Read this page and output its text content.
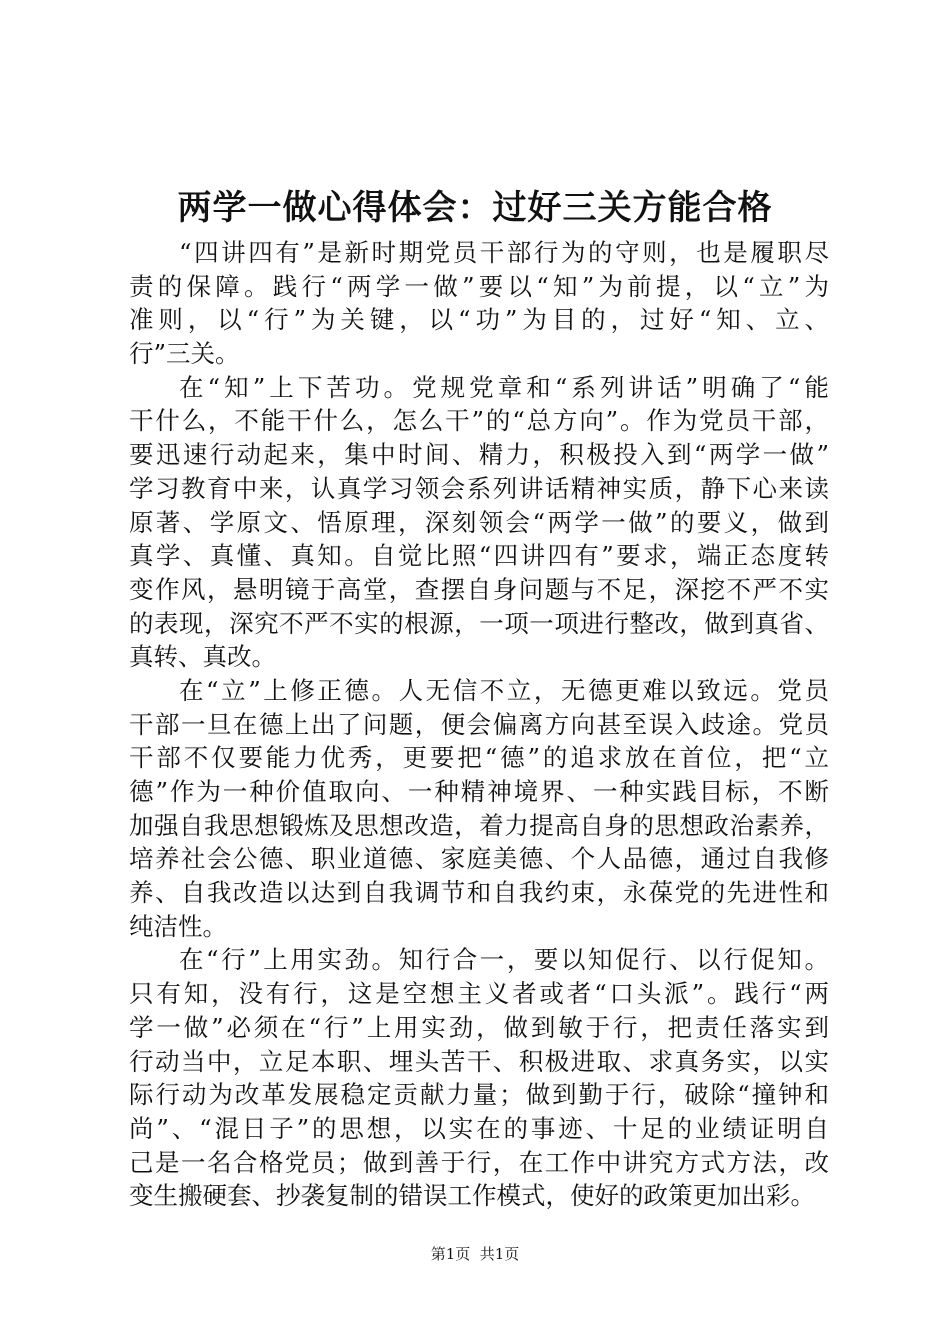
两学一做心得体会：过好三关方能合格
“四讲四有”是新时期党员干部行为的守则，也是履职尽
责的保障。践行“两学一做”要以“知”为前提，以“立”为
准则，以“行”为关键，以“功”为目的，过好“知、立、
行”三关。
在“知”上下苦功。党规党章和“系列讲话”明确了“能
干什么，不能干什么，怎么干”的“总方向”。作为党员干部，
要迅速行动起来，集中时间、精力，积极投入到“两学一做”
学习教育中来，认真学习领会系列讲话精神实质，静下心来读
原著、学原文、悟原理，深刻领会“两学一做”的要义，做到
真学、真懂、真知。自觉比照“四讲四有”要求，端正态度转
变作风，悬明镜于高堂，查摆自身问题与不足，深挖不严不实
的表现，深究不严不实的根源，一项一项进行整改，做到真省、
真转、真改。
在“立”上修正德。人无信不立，无德更难以致远。党员
干部一旦在德上出了问题，便会偏离方向甚至误入歧途。党员
干部不仅要能力优秀，更要把“德”的追求放在首位，把“立
德”作为一种价值取向、一种精神境界、一种实践目标，不断
加强自我思想锻炼及思想改造，着力提高自身的思想政治素养，
培养社会公德、职业道德、家庭美德、个人品德，通过自我修
养、自我改造以达到自我调节和自我约束，永葆党的先进性和
纯洁性。
在“行”上用实劲。知行合一，要以知促行、以行促知。
只有知，没有行，这是空想主义者或者“口头派”。践行“两
学一做”必须在“行”上用实劲，做到敏于行，把责任落实到
行动当中，立足本职、埋头苦干、积极进取、求真务实，以实
际行动为改革发展稳定贡献力量；做到勤于行，破除“撞钟和
尚”、“混日子”的思想，以实在的事迹、十足的业绩证明自
己是一名合格党员；做到善于行，在工作中讲究方式方法，改
变生搬硬套、抄袭复制的错误工作模式，使好的政策更加出彩。
第1页  共1页
